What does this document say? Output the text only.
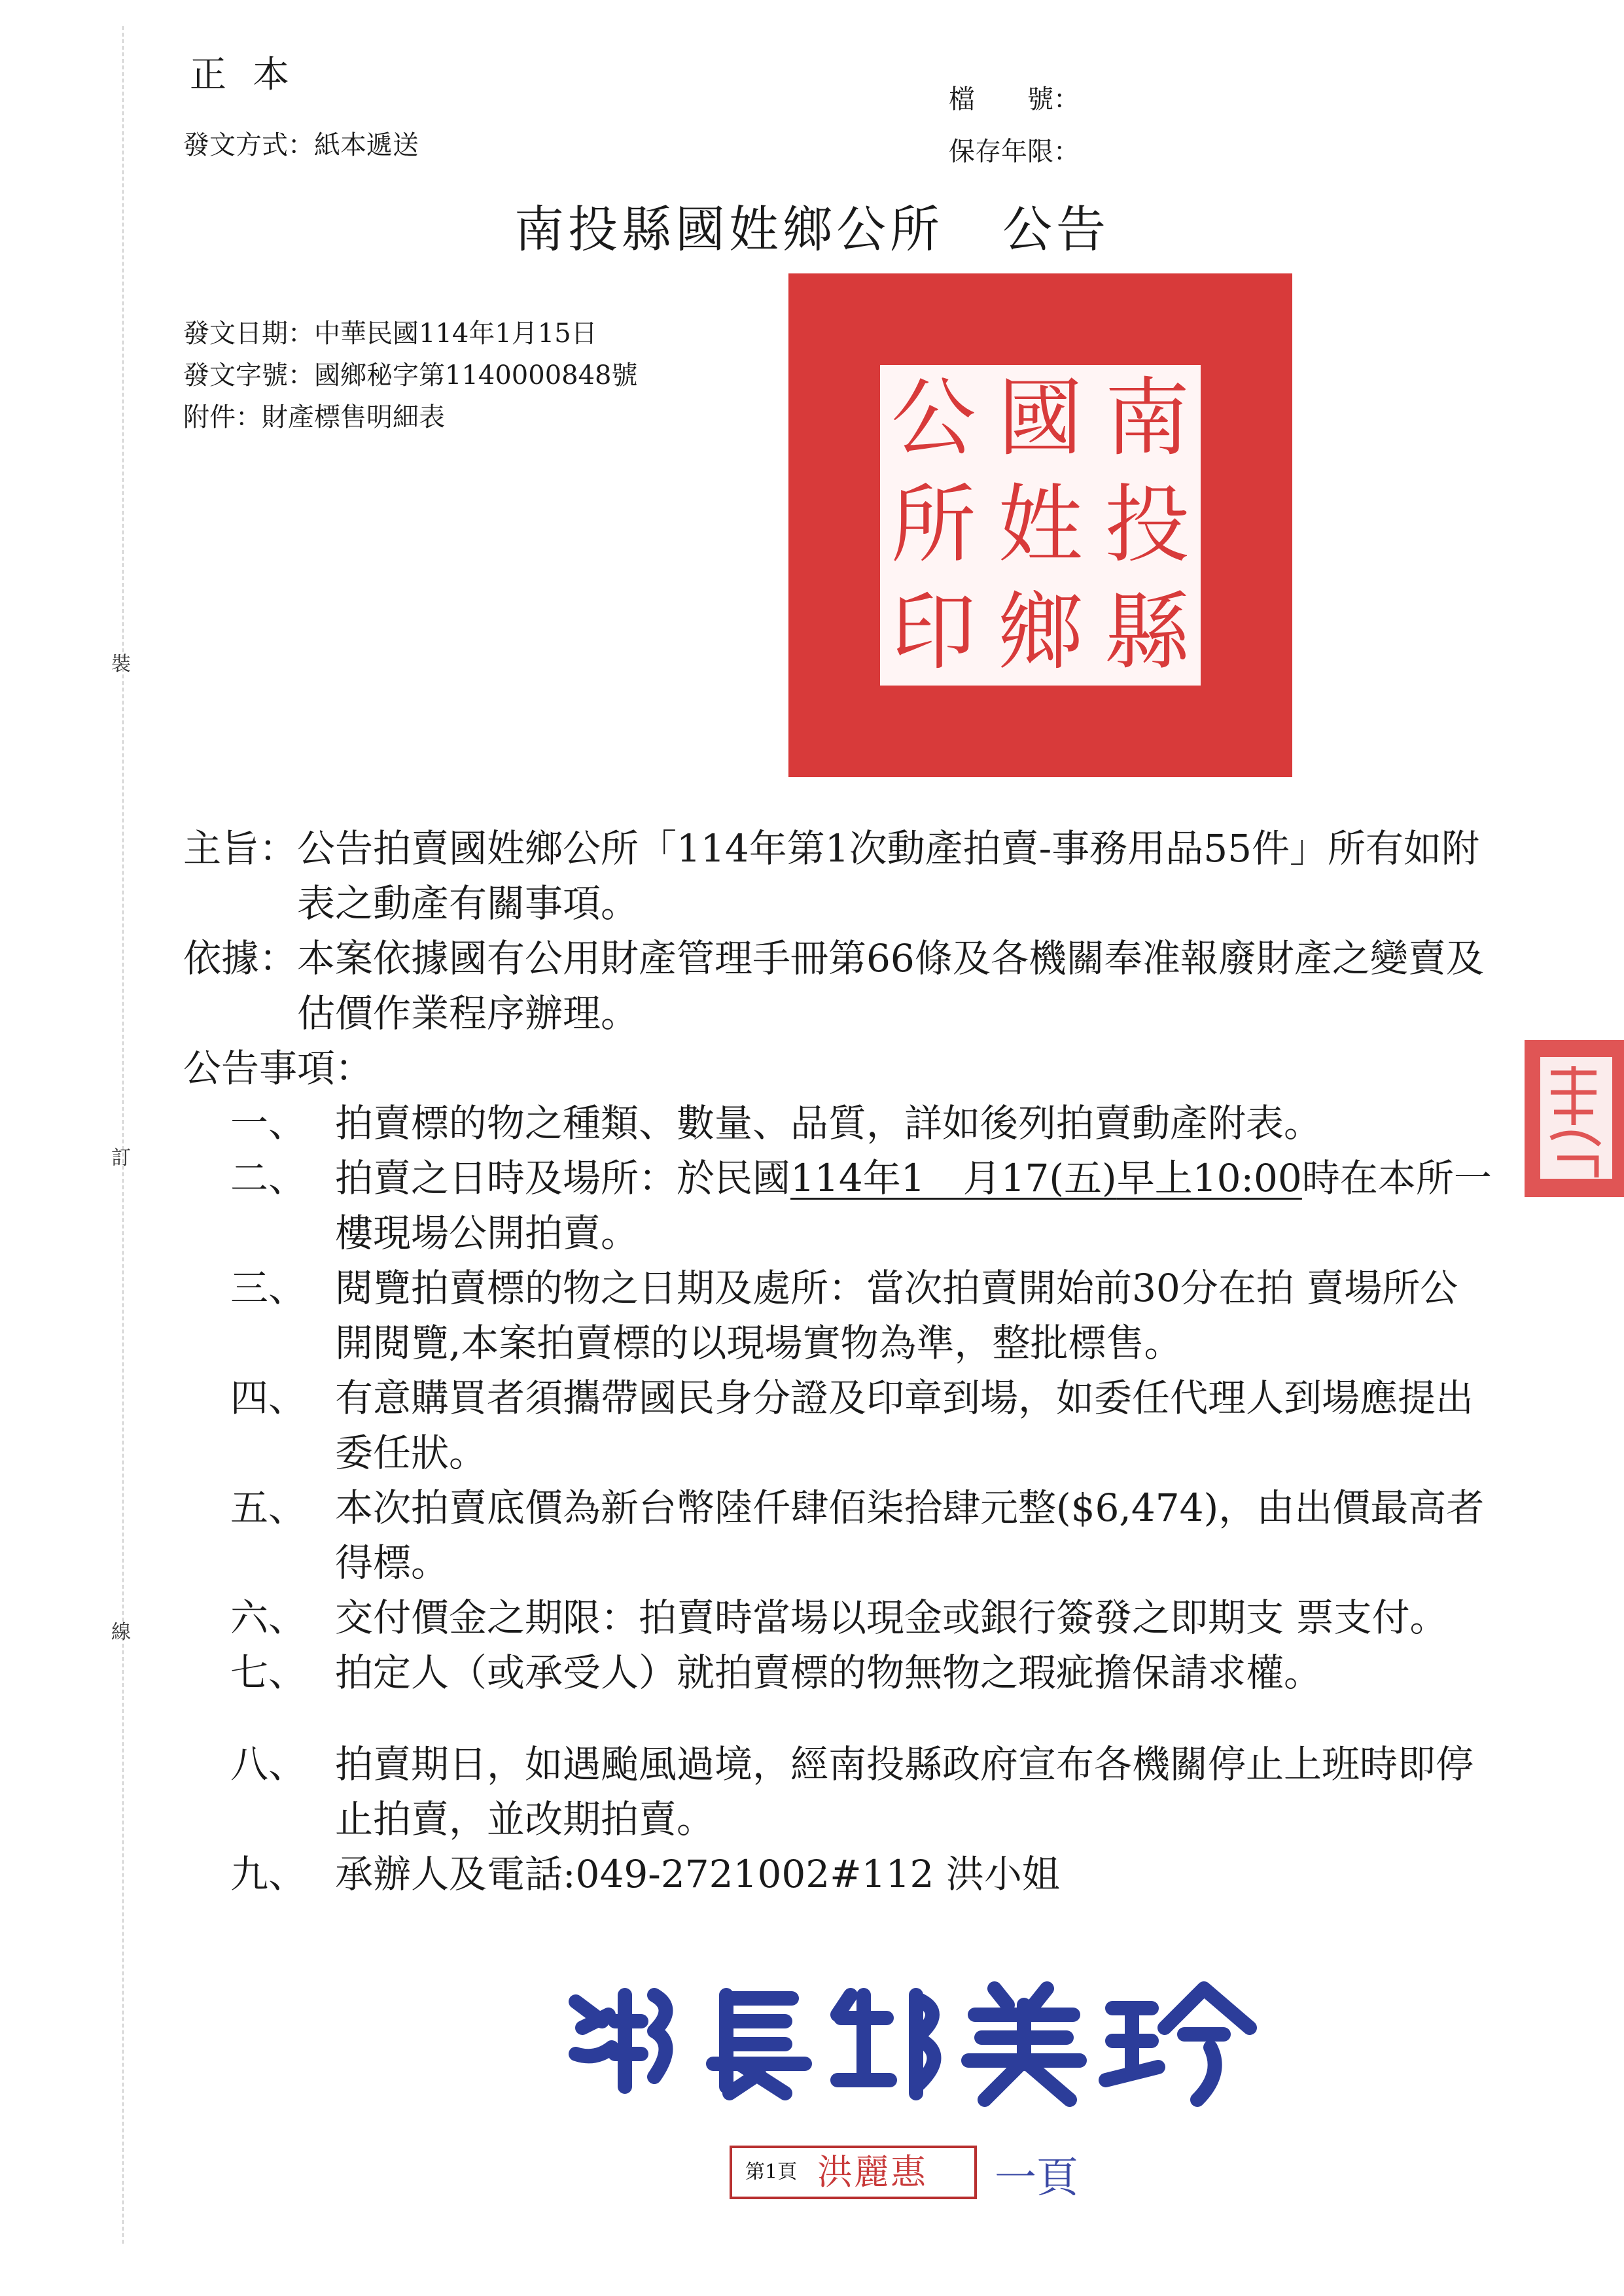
裝
訂
線
正本
發文方式：紙本遞送
檔　　號：
保存年限：
南投縣國姓鄉公所 公告
發文日期：中華民國114年1月15日
發文字號：國鄉秘字第1140000848號
附件：財產標售明細表	南
投
縣
國
姓
鄉
公
所
印
主旨： 公告拍賣國姓鄉公所「114年第1次動產拍賣-事務用品55件」所有如附表之動產有關事項。
依據： 本案依據國有公用財產管理手冊第66條及各機關奉准報廢財產之變賣及估價作業程序辦理。
公告事項：
一、 拍賣標的物之種類、數量、品質，詳如後列拍賣動產附表。
二、 拍賣之日時及場所：於民國114年1　月17(五)早上10:00時在本所一樓現場公開拍賣。
三、 閱覽拍賣標的物之日期及處所：當次拍賣開始前30分在拍 賣場所公開閱覽,本案拍賣標的以現場實物為準，整批標售。
四、 有意購買者須攜帶國民身分證及印章到場，如委任代理人到場應提出委任狀。
五、 本次拍賣底價為新台幣陸仟肆佰柒拾肆元整($6,474)，由出價最高者得標。
六、 交付價金之期限：拍賣時當場以現金或銀行簽發之即期支 票支付。
七、 拍定人（或承受人）就拍賣標的物無物之瑕疵擔保請求權。
八、 拍賣期日，如遇颱風過境，經南投縣政府宣布各機關停止上班時即停止拍賣，並改期拍賣。
九、 承辦人及電話:049-2721002#112 洪小姐
第1頁 洪麗惠 一頁
